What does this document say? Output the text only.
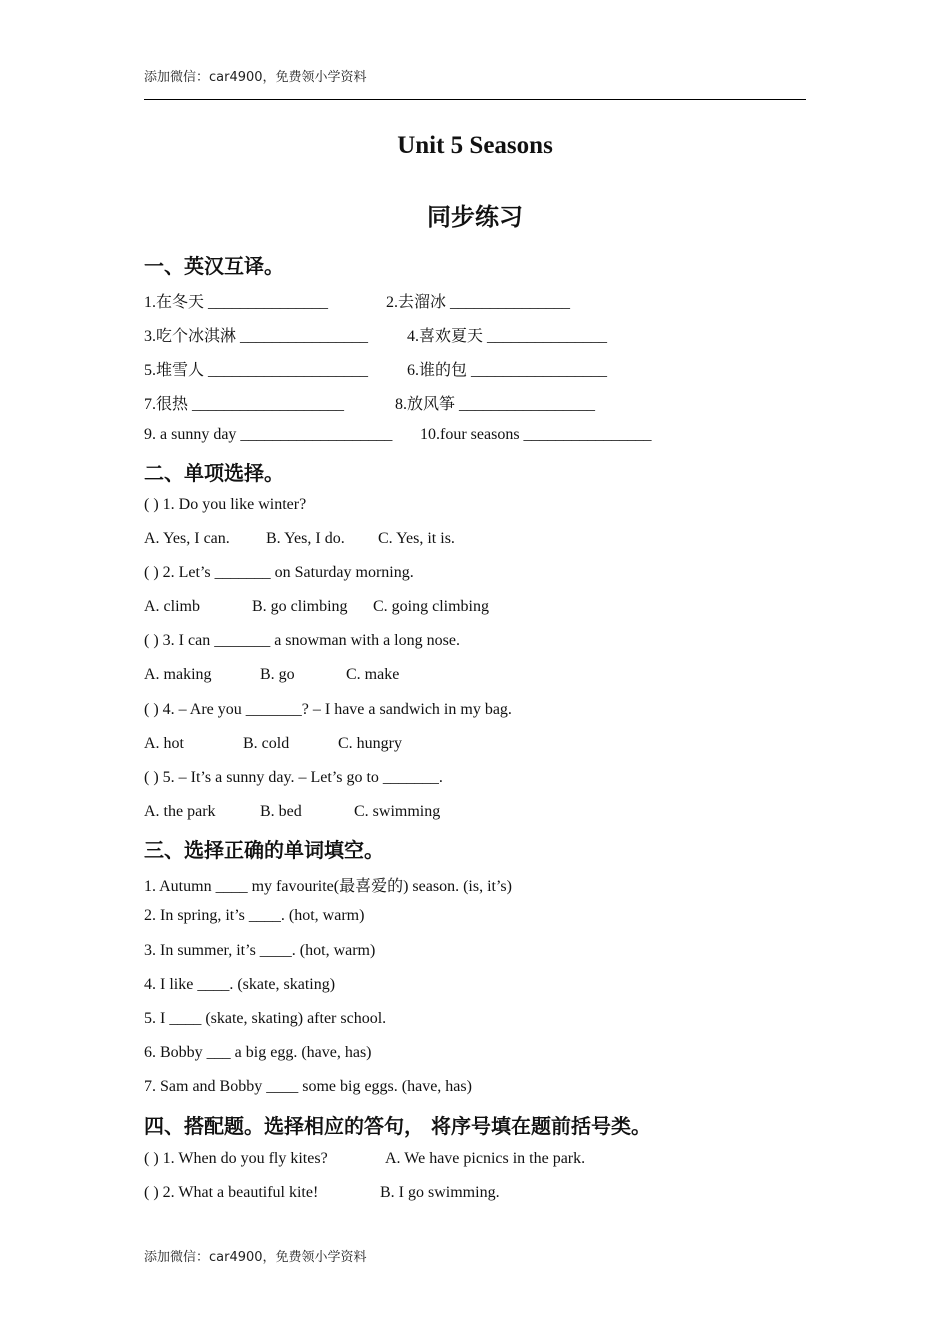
添加微信：car4900，免费领小学资料
Unit 5 Seasons
同步练习
一、英汉互译。
1.在冬天 _______________	2.去溜冰 _______________
3.吃个冰淇淋 ________________ 4.喜欢夏天 _______________
5.堆雪人 ____________________ 6.谁的包 _________________
7.很热 ___________________	8.放风筝 _________________
9. a sunny day ___________________ 10.four seasons ________________
二、单项选择。
( ) 1. Do you like winter?
A. Yes, I can. B. Yes, I do. C. Yes, it is.
( ) 2. Let’s _______ on Saturday morning.
A. climb	B. go climbing C. going climbing
( ) 3. I can _______ a snowman with a long nose.
A. making	B. go	C. make
( ) 4. – Are you _______? – I have a sandwich in my bag.
A. hot	B. cold	C. hungry
( ) 5. – It’s a sunny day. – Let’s go to _______.
A. the park	B. bed	C. swimming
三、选择正确的单词填空。
1. Autumn ____ my favourite(最喜爱的) season. (is, it’s)
2. In spring, it’s ____. (hot, warm)
3. In summer, it’s ____. (hot, warm)
4. I like ____. (skate, skating)
5. I ____ (skate, skating) after school.
6. Bobby ___ a big egg. (have, has)
7. Sam and Bobby ____ some big eggs. (have, has)
四、搭配题。选择相应的答句， 将序号填在题前括号类。
( ) 1. When do you fly kites?	A. We have picnics in the park.
( ) 2. What a beautiful kite!	B. I go swimming.
添加微信：car4900，免费领小学资料
